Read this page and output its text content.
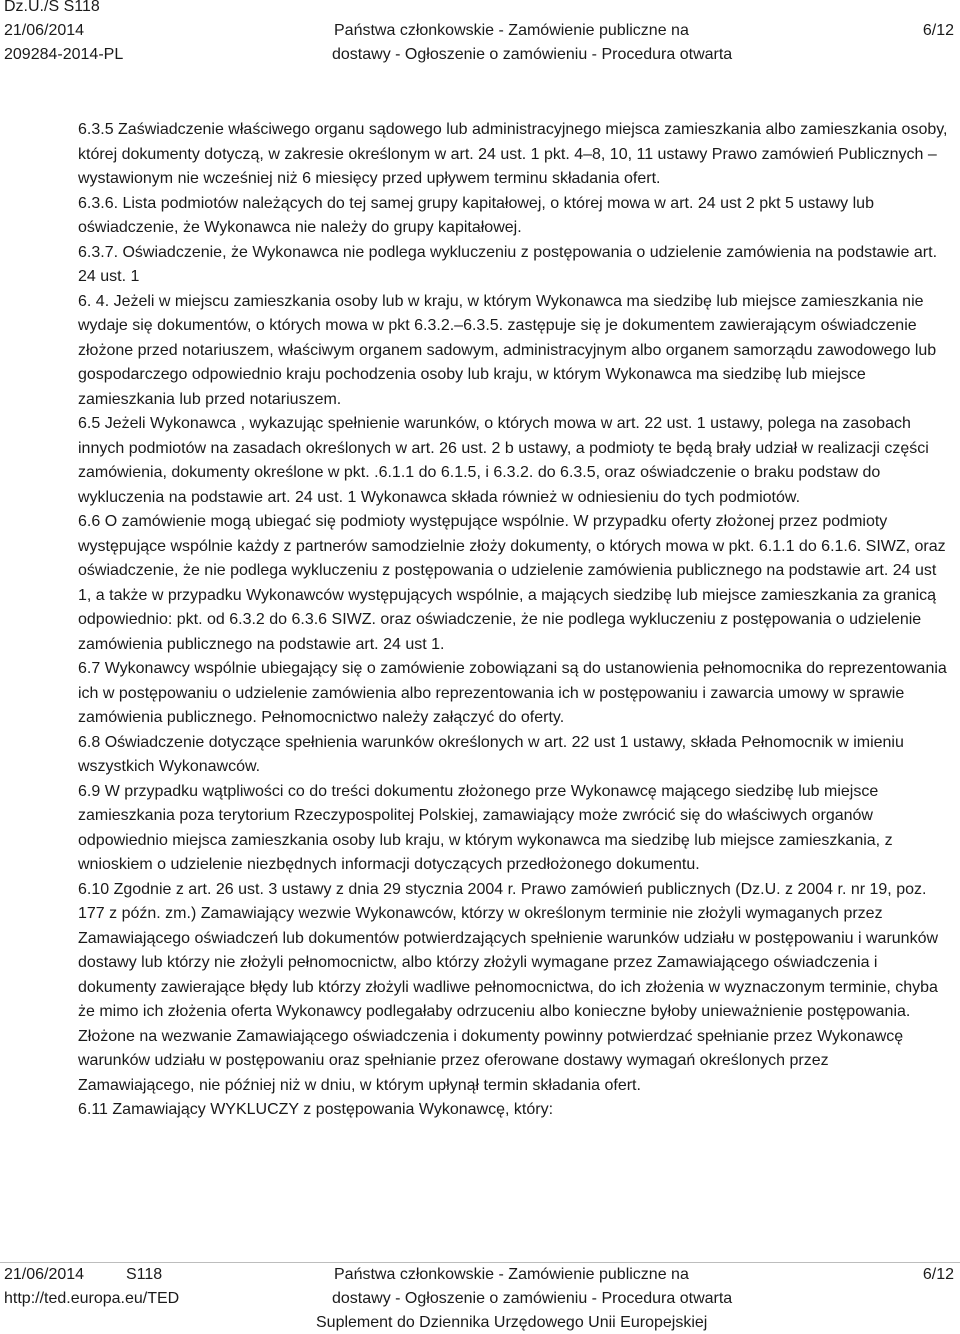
Dz.U./S S118
21/06/2014
209284-2014-PL
Państwa członkowskie - Zamówienie publiczne na
dostawy - Ogłoszenie o zamówieniu - Procedura otwarta
6/12

6.3.5 Zaświadczenie właściwego organu sądowego lub administracyjnego miejsca zamieszkania albo zamieszkania osoby, której dokumenty dotyczą, w zakresie określonym w art. 24 ust. 1 pkt. 4–8, 10, 11 ustawy Prawo zamówień Publicznych – wystawionym nie wcześniej niż 6 miesięcy przed upływem terminu składania ofert.

6.3.6. Lista podmiotów należących do tej samej grupy kapitałowej, o której mowa w art. 24 ust 2 pkt 5 ustawy lub oświadczenie, że Wykonawca nie należy do grupy kapitałowej.

6.3.7. Oświadczenie, że Wykonawca nie podlega wykluczeniu z postępowania o udzielenie zamówienia na podstawie art. 24 ust. 1

6. 4. Jeżeli w miejscu zamieszkania osoby lub w kraju, w którym Wykonawca ma siedzibę lub miejsce zamieszkania nie wydaje się dokumentów, o których mowa w pkt 6.3.2.–6.3.5. zastępuje się je dokumentem zawierającym oświadczenie złożone przed notariuszem, właściwym organem sadowym, administracyjnym albo organem samorządu zawodowego lub gospodarczego odpowiednio kraju pochodzenia osoby lub kraju, w którym Wykonawca ma siedzibę lub miejsce zamieszkania lub przed notariuszem.

6.5 Jeżeli Wykonawca , wykazując spełnienie warunków, o których mowa w art. 22 ust. 1 ustawy, polega na zasobach innych podmiotów na zasadach określonych w art. 26 ust. 2 b ustawy, a podmioty te będą brały udział w realizacji części zamówienia, dokumenty określone w pkt. .6.1.1 do 6.1.5, i 6.3.2. do 6.3.5, oraz oświadczenie o braku podstaw do wykluczenia na podstawie art. 24 ust. 1 Wykonawca składa również w odniesieniu do tych podmiotów.

6.6 O zamówienie mogą ubiegać się podmioty występujące wspólnie. W przypadku oferty złożonej przez podmioty występujące wspólnie każdy z partnerów samodzielnie złoży dokumenty, o których mowa w pkt. 6.1.1 do 6.1.6. SIWZ, oraz oświadczenie, że nie podlega wykluczeniu z postępowania o udzielenie zamówienia publicznego na podstawie art. 24 ust 1, a także w przypadku Wykonawców występujących wspólnie, a mających siedzibę lub miejsce zamieszkania za granicą odpowiednio: pkt. od 6.3.2 do 6.3.6 SIWZ. oraz oświadczenie, że nie podlega wykluczeniu z postępowania o udzielenie zamówienia publicznego na podstawie art. 24 ust 1.

6.7 Wykonawcy wspólnie ubiegający się o zamówienie zobowiązani są do ustanowienia pełnomocnika do reprezentowania ich w postępowaniu o udzielenie zamówienia albo reprezentowania ich w postępowaniu i zawarcia umowy w sprawie zamówienia publicznego. Pełnomocnictwo należy załączyć do oferty.

6.8 Oświadczenie dotyczące spełnienia warunków określonych w art. 22 ust 1 ustawy, składa Pełnomocnik w imieniu wszystkich Wykonawców.

6.9 W przypadku wątpliwości co do treści dokumentu złożonego prze Wykonawcę mającego siedzibę lub miejsce zamieszkania poza terytorium Rzeczypospolitej Polskiej, zamawiający może zwrócić się do właściwych organów odpowiednio miejsca zamieszkania osoby lub kraju, w którym wykonawca ma siedzibę lub miejsce zamieszkania, z wnioskiem o udzielenie niezbędnych informacji dotyczących przedłożonego dokumentu.

6.10 Zgodnie z art. 26 ust. 3 ustawy z dnia 29 stycznia 2004 r. Prawo zamówień publicznych (Dz.U. z 2004 r. nr 19, poz. 177 z późn. zm.) Zamawiający wezwie Wykonawców, którzy w określonym terminie nie złożyli wymaganych przez Zamawiającego oświadczeń lub dokumentów potwierdzających spełnienie warunków udziału w postępowaniu i warunków dostawy lub którzy nie złożyli pełnomocnictw, albo którzy złożyli wymagane przez Zamawiającego oświadczenia i dokumenty zawierające błędy lub którzy złożyli wadliwe pełnomocnictwa, do ich złożenia w wyznaczonym terminie, chyba że mimo ich złożenia oferta Wykonawcy podlegałaby odrzuceniu albo konieczne byłoby unieważnienie postępowania. Złożone na wezwanie Zamawiającego oświadczenia i dokumenty powinny potwierdzać spełnianie przez Wykonawcę warunków udziału w postępowaniu oraz spełnianie przez oferowane dostawy wymagań określonych przez Zamawiającego, nie później niż w dniu, w którym upłynął termin składania ofert.

6.11 Zamawiający WYKLUCZY z postępowania Wykonawcę, który:

21/06/2014	S118
http://ted.europa.eu/TED
Państwa członkowskie - Zamówienie publiczne na
dostawy - Ogłoszenie o zamówieniu - Procedura otwarta
Suplement do Dziennika Urzędowego Unii Europejskiej
6/12
